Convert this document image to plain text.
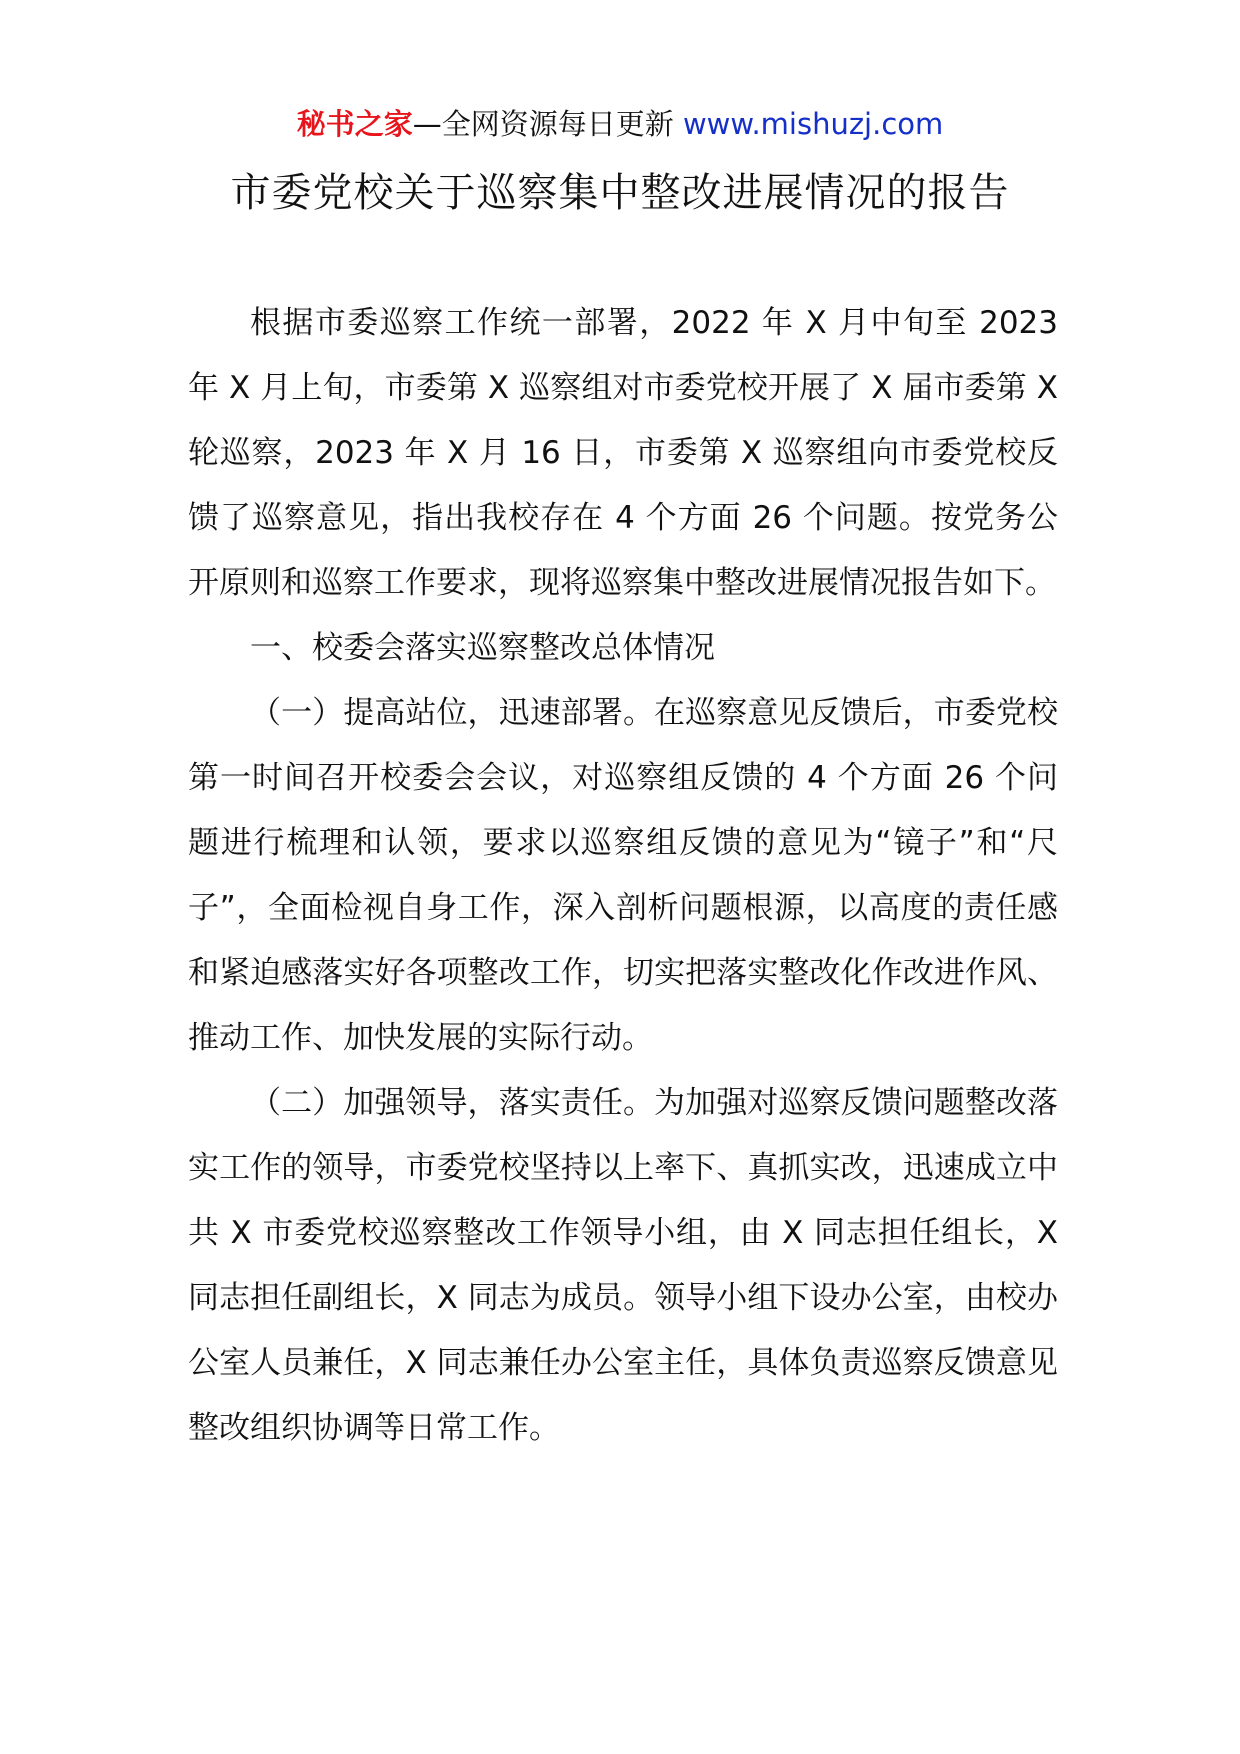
秘书之家—全网资源每日更新 www.mishuzj.com
市委党校关于巡察集中整改进展情况的报告

根据市委巡察工作统一部署，2022 年 X 月中旬至 2023 年 X 月上旬，市委第 X 巡察组对市委党校开展了 X 届市委第 X 轮巡察，2023 年 X 月 16 日，市委第 X 巡察组向市委党校反馈了巡察意见，指出我校存在 4 个方面 26 个问题。按党务公开原则和巡察工作要求，现将巡察集中整改进展情况报告如下。

一、校委会落实巡察整改总体情况

（一）提高站位，迅速部署。在巡察意见反馈后，市委党校第一时间召开校委会会议，对巡察组反馈的 4 个方面 26 个问题进行梳理和认领，要求以巡察组反馈的意见为“镜子”和“尺子”，全面检视自身工作，深入剖析问题根源，以高度的责任感和紧迫感落实好各项整改工作，切实把落实整改化作改进作风、推动工作、加快发展的实际行动。

（二）加强领导，落实责任。为加强对巡察反馈问题整改落实工作的领导，市委党校坚持以上率下、真抓实改，迅速成立中共 X 市委党校巡察整改工作领导小组，由 X 同志担任组长，X 同志担任副组长，X 同志为成员。领导小组下设办公室，由校办公室人员兼任，X 同志兼任办公室主任，具体负责巡察反馈意见整改组织协调等日常工作。
